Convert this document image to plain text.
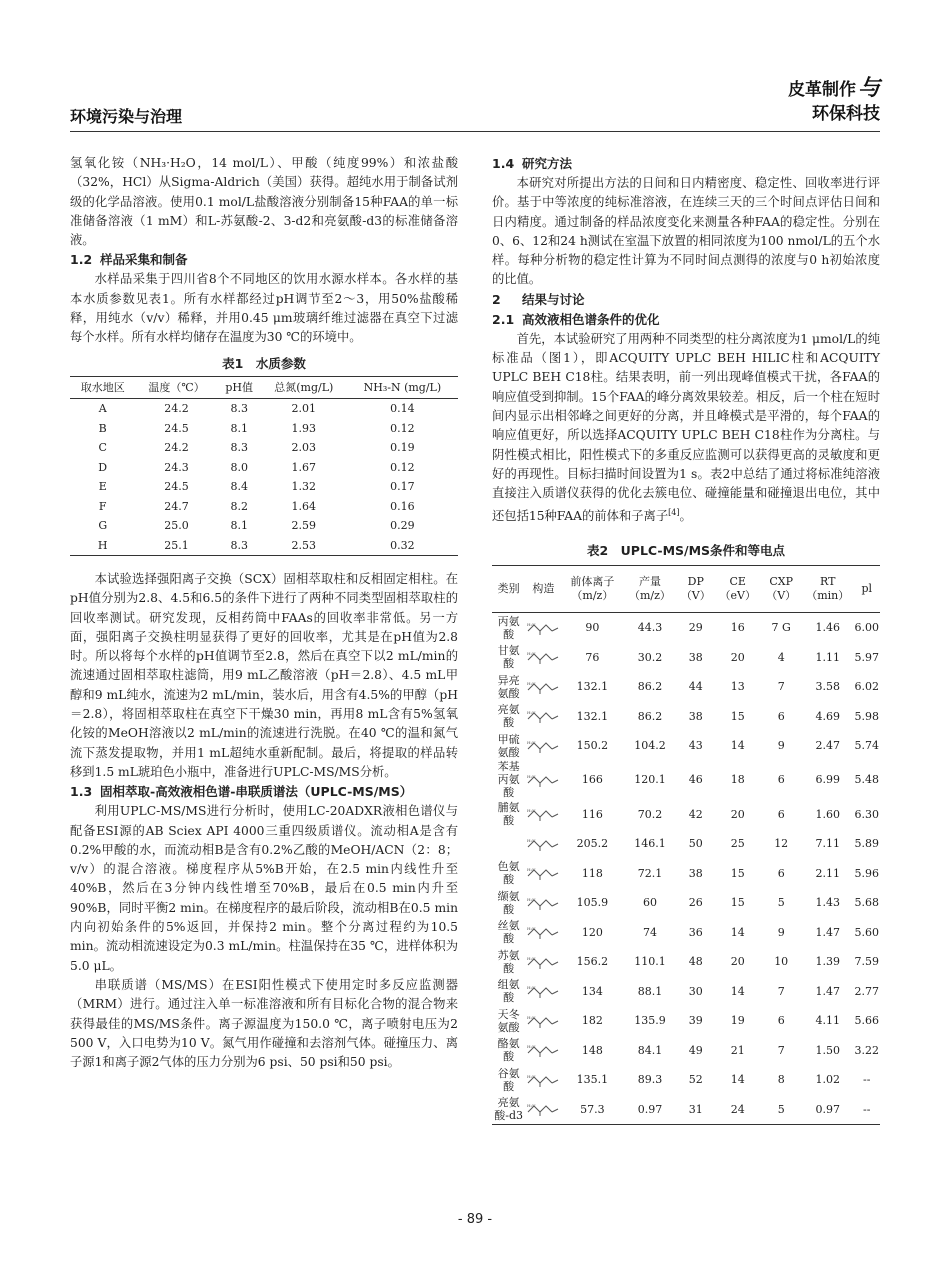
环境污染与治理
皮革制作与
环保科技

氢氧化铵（NH₃·H₂O，14 mol/L）、甲酸（纯度99%）和浓盐酸（32%，HCl）从Sigma-Aldrich（美国）获得。超纯水用于制备试剂级的化学品溶液。使用0.1 mol/L盐酸溶液分别制备15种FAA的单一标准储备溶液（1 mM）和L-苏氨酸-2、3-d2和亮氨酸-d3的标准储备溶液。

1.2 样品采集和制备

水样品采集于四川省8个不同地区的饮用水源水样本。各水样的基本水质参数见表1。所有水样都经过pH调节至2～3，用50%盐酸稀释，用纯水（v/v）稀释，并用0.45 μm玻璃纤维过滤器在真空下过滤每个水样。所有水样均储存在温度为30 ℃的环境中。

表1　水质参数
取水地区	温度（℃）	pH值	总氮(mg/L)	NH₃-N (mg/L)
A	24.2	8.3	2.01	0.14
B	24.5	8.1	1.93	0.12
C	24.2	8.3	2.03	0.19
D	24.3	8.0	1.67	0.12
E	24.5	8.4	1.32	0.17
F	24.7	8.2	1.64	0.16
G	25.0	8.1	2.59	0.29
H	25.1	8.3	2.53	0.32

本试验选择强阳离子交换（SCX）固相萃取柱和反相固定相柱。在pH值分别为2.8、4.5和6.5的条件下进行了两种不同类型固相萃取柱的回收率测试。研究发现，反相药筒中FAAs的回收率非常低。另一方面，强阳离子交换柱明显获得了更好的回收率，尤其是在pH值为2.8时。所以将每个水样的pH值调节至2.8，然后在真空下以2 mL/min的流速通过固相萃取柱滤筒，用9 mL乙酸溶液（pH＝2.8）、4.5 mL甲醇和9 mL纯水，流速为2 mL/min，装水后，用含有4.5%的甲醇（pH＝2.8），将固相萃取柱在真空下干燥30 min，再用8 mL含有5%氢氧化铵的MeOH溶液以2 mL/min的流速进行洗脱。在40 ℃的温和氮气流下蒸发提取物，并用1 mL超纯水重新配制。最后，将提取的样品转移到1.5 mL琥珀色小瓶中，准备进行UPLC-MS/MS分析。

1.3 固相萃取-高效液相色谱-串联质谱法（UPLC-MS/MS）

利用UPLC-MS/MS进行分析时，使用LC-20ADXR液相色谱仪与配备ESI源的AB Sciex API 4000三重四级质谱仪。流动相A是含有0.2%甲酸的水，而流动相B是含有0.2%乙酸的MeOH/ACN（2：8；v/v）的混合溶液。梯度程序从5%B开始，在2.5 min内线性升至40%B，然后在3分钟内线性增至70%B，最后在0.5 min内升至90%B，同时平衡2 min。在梯度程序的最后阶段，流动相B在0.5 min内向初始条件的5%返回，并保持2 min。整个分离过程约为10.5 min。流动相流速设定为0.3 mL/min。柱温保持在35 ℃，进样体积为5.0 μL。

串联质谱（MS/MS）在ESI阳性模式下使用定时多反应监测器（MRM）进行。通过注入单一标准溶液和所有目标化合物的混合物来获得最佳的MS/MS条件。离子源温度为150.0 ℃，离子喷射电压为2 500 V，入口电势为10 V。氮气用作碰撞和去溶剂气体。碰撞压力、离子源1和离子源2气体的压力分别为6 psi、50 psi和50 psi。

1.4 研究方法

本研究对所提出方法的日间和日内精密度、稳定性、回收率进行评价。基于中等浓度的纯标准溶液，在连续三天的三个时间点评估日间和日内精度。通过制备的样品浓度变化来测量各种FAA的稳定性。分别在0、6、12和24 h测试在室温下放置的相同浓度为100 nmol/L的五个水样。每种分析物的稳定性计算为不同时间点测得的浓度与0 h初始浓度的比值。

2 结果与讨论
2.1 高效液相色谱条件的优化

首先，本试验研究了用两种不同类型的柱分离浓度为1 μmol/L的纯标准品（图1），即ACQUITY UPLC BEH HILIC柱和ACQUITY UPLC BEH C18柱。结果表明，前一列出现峰值模式干扰，各FAA的响应值受到抑制。15个FAA的峰分离效果较差。相反，后一个柱在短时间内显示出相邻峰之间更好的分离，并且峰模式是平滑的，每个FAA的响应值更好，所以选择ACQUITY UPLC BEH C18柱作为分离柱。与阴性模式相比，阳性模式下的多重反应监测可以获得更高的灵敏度和更好的再现性。目标扫描时间设置为1 s。表2中总结了通过将标准纯溶液直接注入质谱仪获得的优化去簇电位、碰撞能量和碰撞退出电位，其中还包括15种FAA的前体和子离子[4]。

表2　UPLC-MS/MS条件和等电点
类别	构造	前体离子（m/z）	产量（m/z）	DP（V）	CE（eV）	CXP（V）	RT（min）	pl
丙氨酸	H₂N	90	44.3	29	16	7 G	1.46	6.00
甘氨酸	H₂N	76	30.2	38	20	4	1.11	5.97
异亮氨酸	H₂N	132.1	86.2	44	13	7	3.58	6.02
亮氨酸	H₂N	132.1	86.2	38	15	6	4.69	5.98
甲硫氨酸	H₂N	150.2	104.2	43	14	9	2.47	5.74
苯基丙氨酸	H₂N	166	120.1	46	18	6	6.99	5.48
脯氨酸	H₂N	116	70.2	42	20	6	1.60	6.30

H₂N	205.2	146.1	50	25	12	7.11	5.89
色氨酸	H₂N	118	72.1	38	15	6	2.11	5.96
缬氨酸	H₂N	105.9	60	26	15	5	1.43	5.68
丝氨酸	H₂N	120	74	36	14	9	1.47	5.60
苏氨酸	H₂N	156.2	110.1	48	20	10	1.39	7.59
组氨酸	H₂N	134	88.1	30	14	7	1.47	2.77
天冬氨酸	H₂N	182	135.9	39	19	6	4.11	5.66
酪氨酸	H₂N	148	84.1	49	21	7	1.50	3.22
谷氨酸	H₂N	135.1	89.3	52	14	8	1.02	--
亮氨酸-d3	H₂N	57.3	0.97	31	24	5	0.97	--
- 89 -
